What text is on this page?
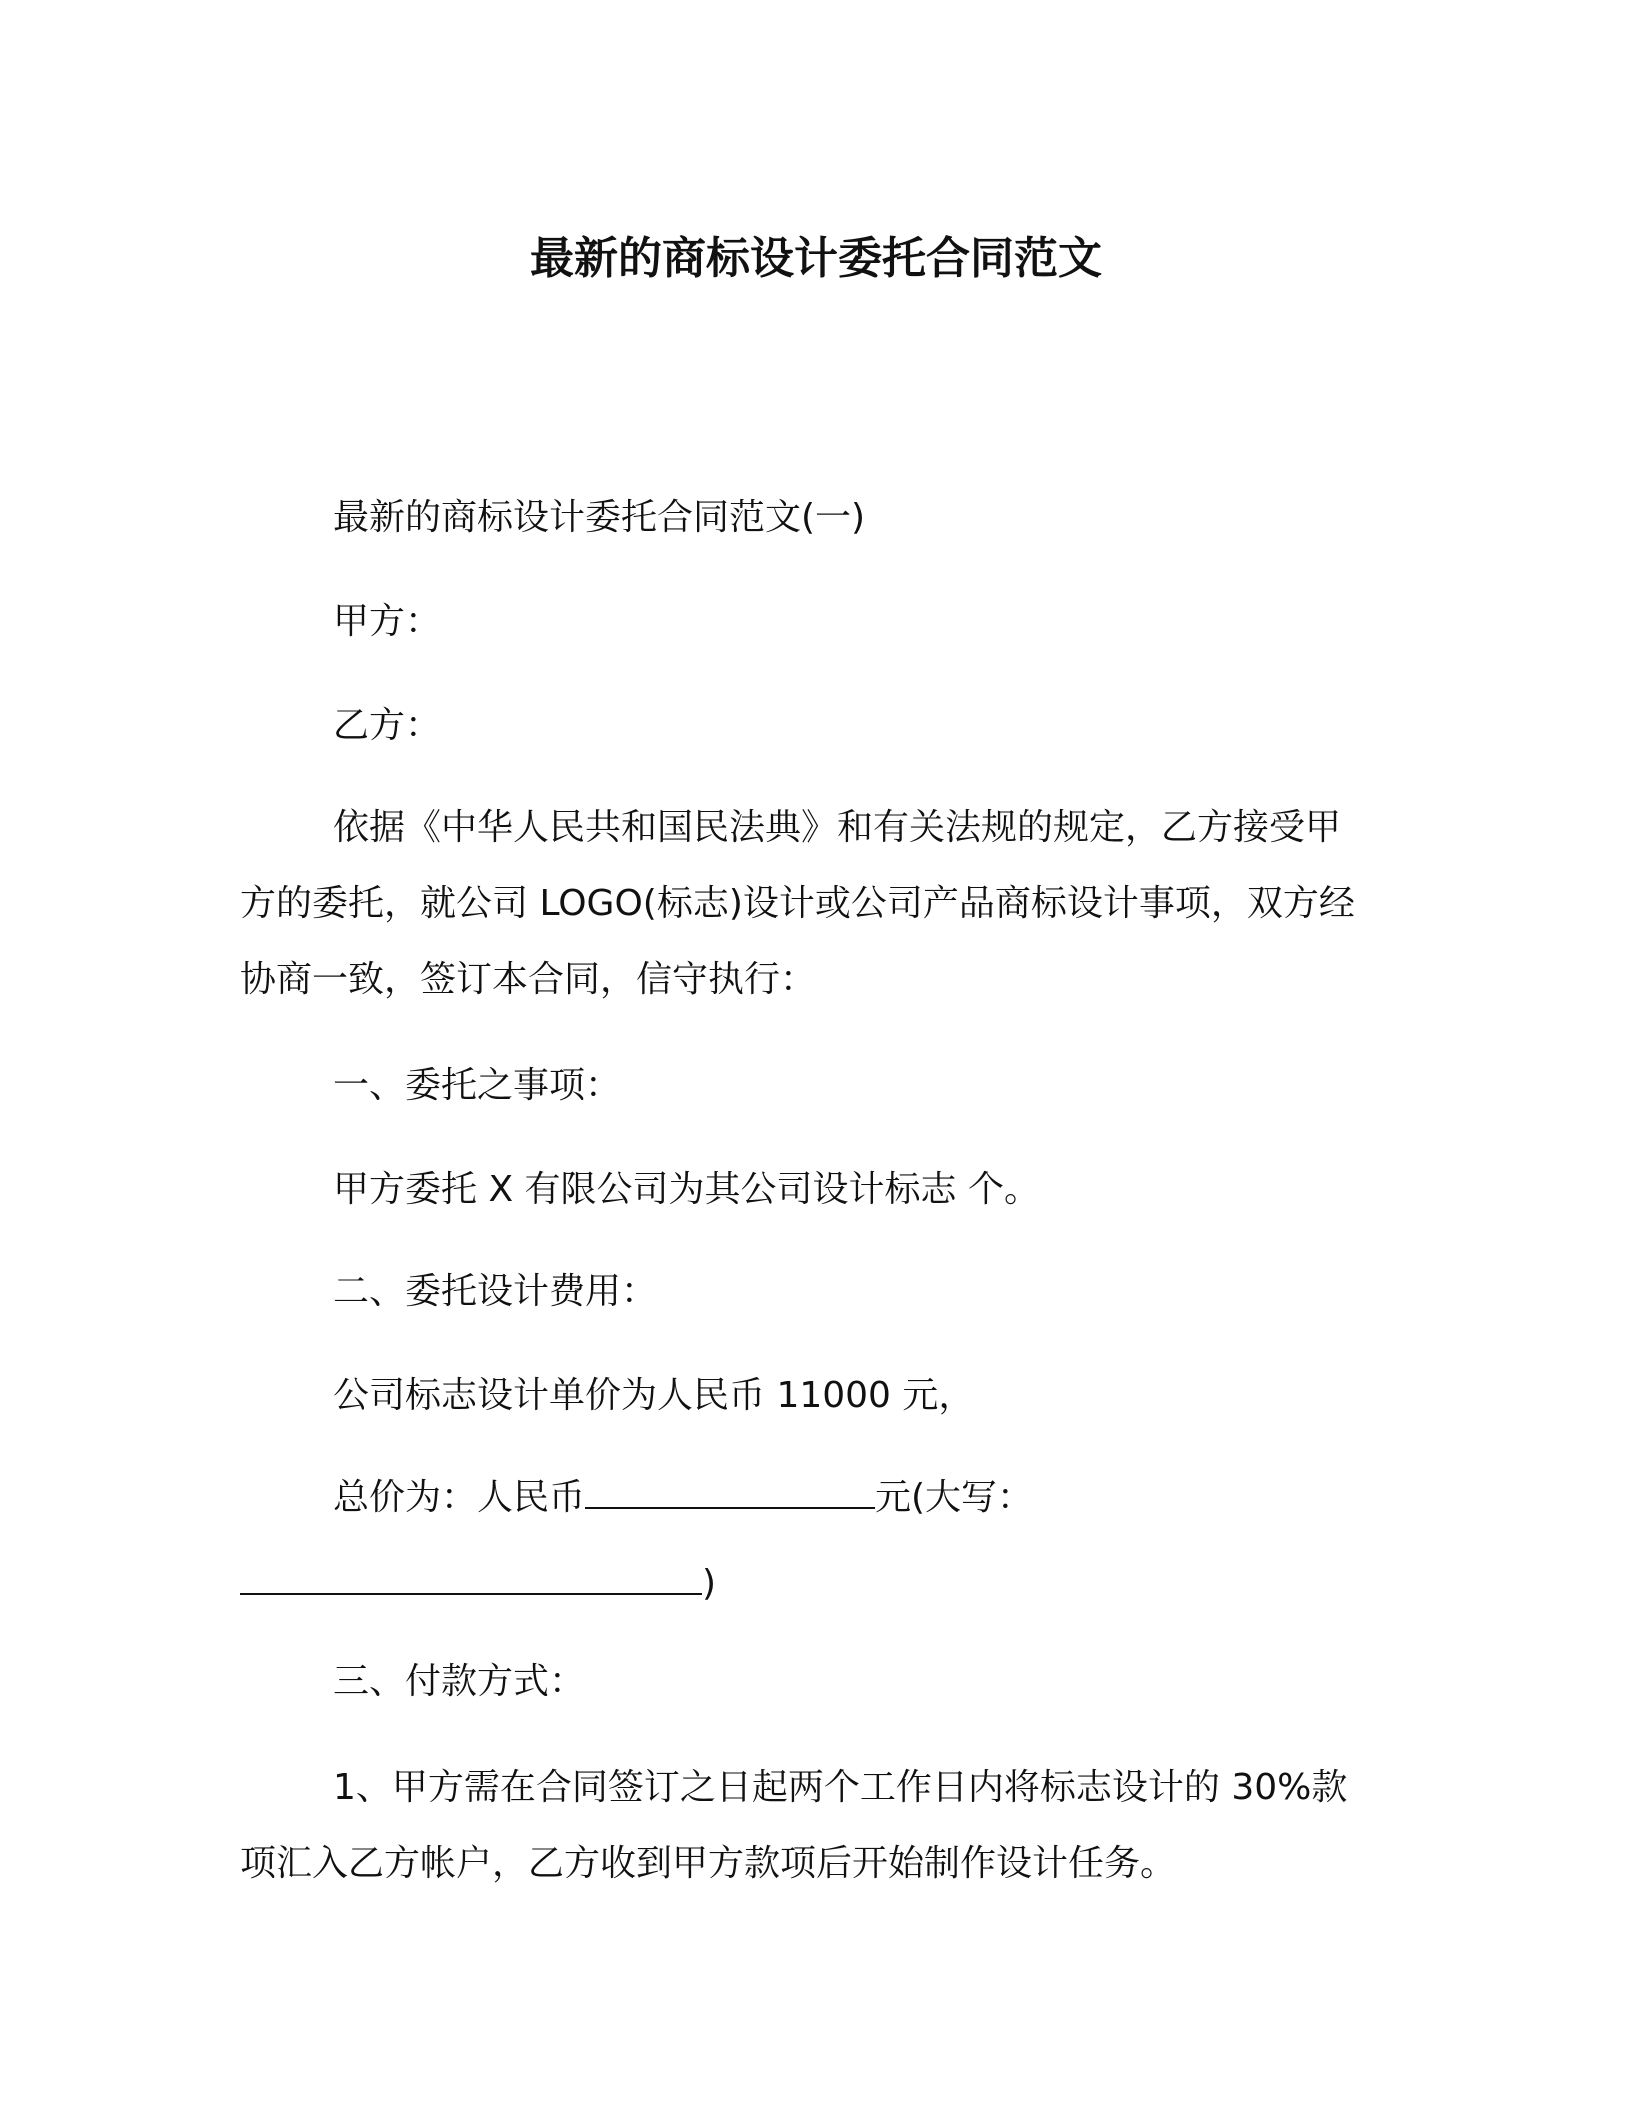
最新的商标设计委托合同范文
最新的商标设计委托合同范文(一)
甲方：
乙方：
依据《中华人民共和国民法典》和有关法规的规定，乙方接受甲
方的委托，就公司 LOGO(标志)设计或公司产品商标设计事项，双方经
协商一致，签订本合同，信守执行：
一、委托之事项：
甲方委托 X 有限公司为其公司设计标志 个。
二、委托设计费用：
公司标志设计单价为人民币 11000 元，
总价为：人民币	元(大写：
)
三、付款方式：
1、甲方需在合同签订之日起两个工作日内将标志设计的 30%款
项汇入乙方帐户，乙方收到甲方款项后开始制作设计任务。
